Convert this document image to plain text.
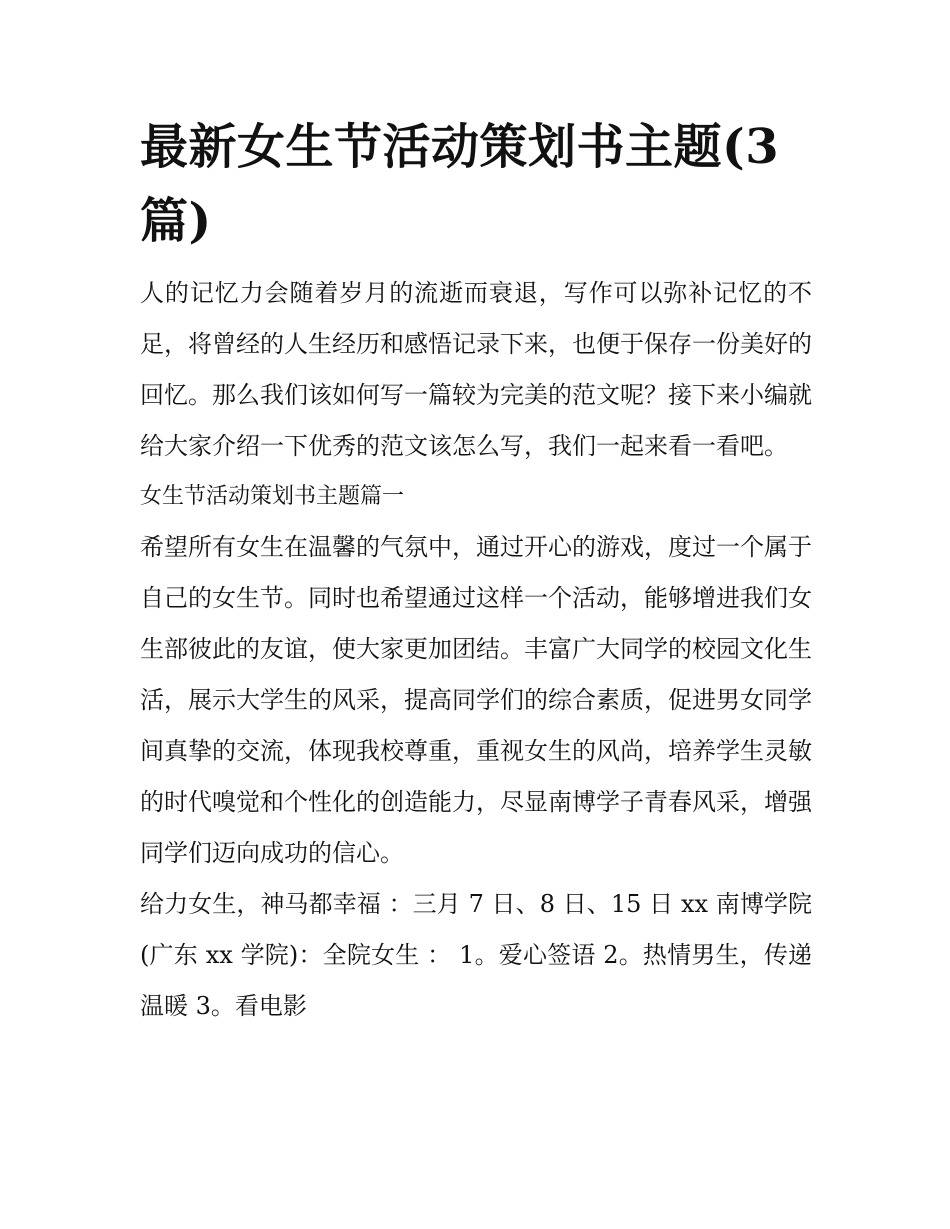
最新女生节活动策划书主题(3篇)

人的记忆力会随着岁月的流逝而衰退，写作可以弥补记忆的不足，将曾经的人生经历和感悟记录下来，也便于保存一份美好的回忆。那么我们该如何写一篇较为完美的范文呢？接下来小编就给大家介绍一下优秀的范文该怎么写，我们一起来看一看吧。

女生节活动策划书主题篇一

希望所有女生在温馨的气氛中，通过开心的游戏，度过一个属于自己的女生节。同时也希望通过这样一个活动，能够增进我们女生部彼此的友谊，使大家更加团结。丰富广大同学的校园文化生活，展示大学生的风采，提高同学们的综合素质，促进男女同学间真挚的交流，体现我校尊重，重视女生的风尚，培养学生灵敏的时代嗅觉和个性化的创造能力，尽显南博学子青春风采，增强同学们迈向成功的信心。

给力女生，神马都幸福 ：三月 7 日、8 日、15 日 xx 南博学院(广东 xx 学院)：全院女生 ： 1。爱心签语 2。热情男生，传递温暖 3。看电影
